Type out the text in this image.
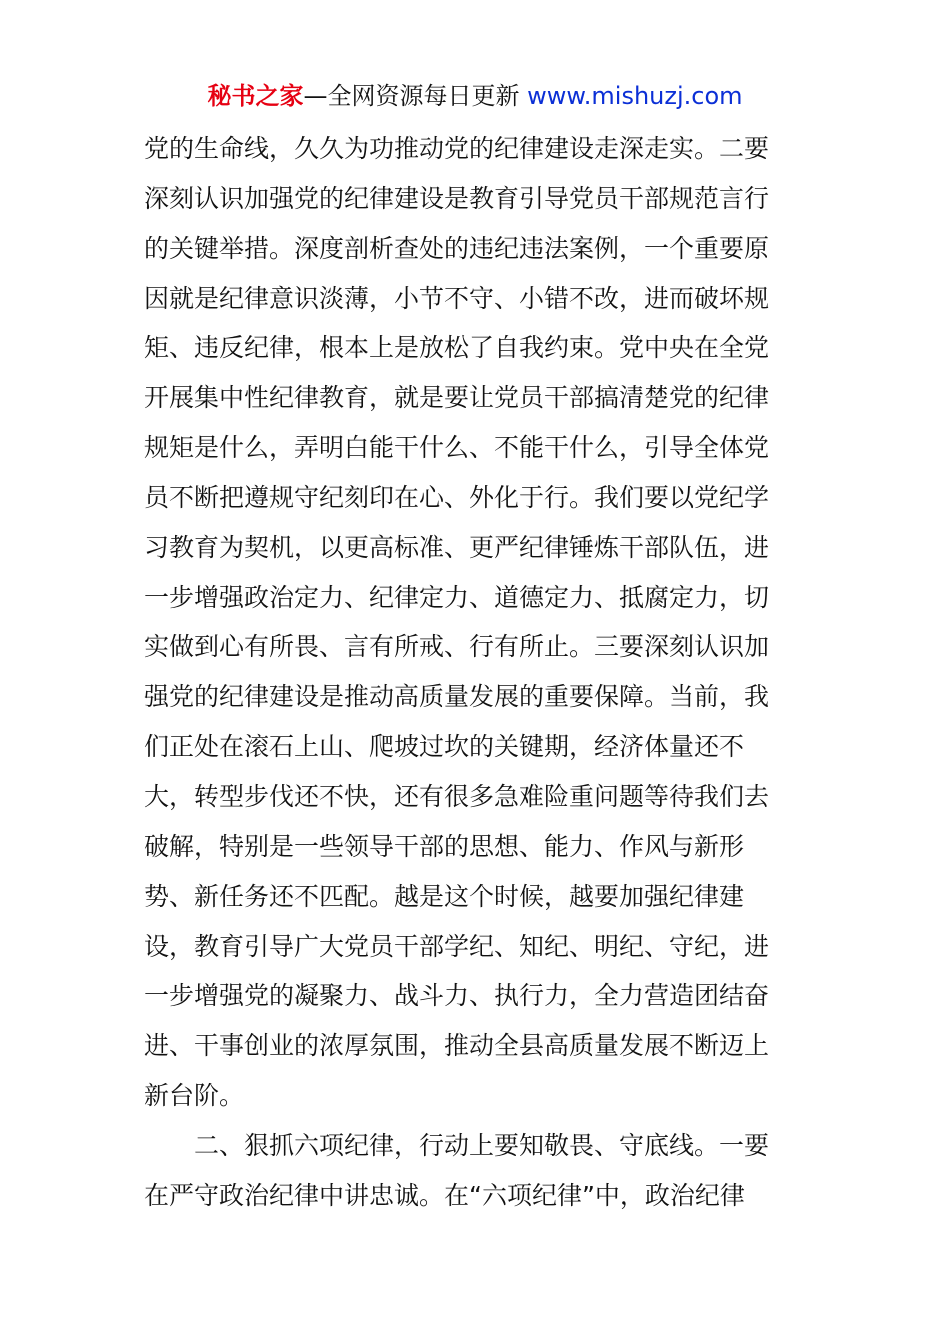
秘书之家—全网资源每日更新 www.mishuzj.com
党的生命线，久久为功推动党的纪律建设走深走实。二要
深刻认识加强党的纪律建设是教育引导党员干部规范言行
的关键举措。深度剖析查处的违纪违法案例，一个重要原
因就是纪律意识淡薄，小节不守、小错不改，进而破坏规
矩、违反纪律，根本上是放松了自我约束。党中央在全党
开展集中性纪律教育，就是要让党员干部搞清楚党的纪律
规矩是什么，弄明白能干什么、不能干什么，引导全体党
员不断把遵规守纪刻印在心、外化于行。我们要以党纪学
习教育为契机，以更高标准、更严纪律锤炼干部队伍，进
一步增强政治定力、纪律定力、道德定力、抵腐定力，切
实做到心有所畏、言有所戒、行有所止。三要深刻认识加
强党的纪律建设是推动高质量发展的重要保障。当前，我
们正处在滚石上山、爬坡过坎的关键期，经济体量还不
大，转型步伐还不快，还有很多急难险重问题等待我们去
破解，特别是一些领导干部的思想、能力、作风与新形
势、新任务还不匹配。越是这个时候，越要加强纪律建
设，教育引导广大党员干部学纪、知纪、明纪、守纪，进
一步增强党的凝聚力、战斗力、执行力，全力营造团结奋
进、干事创业的浓厚氛围，推动全县高质量发展不断迈上
新台阶。
二、狠抓六项纪律，行动上要知敬畏、守底线。一要
在严守政治纪律中讲忠诚。在“六项纪律”中，政治纪律
